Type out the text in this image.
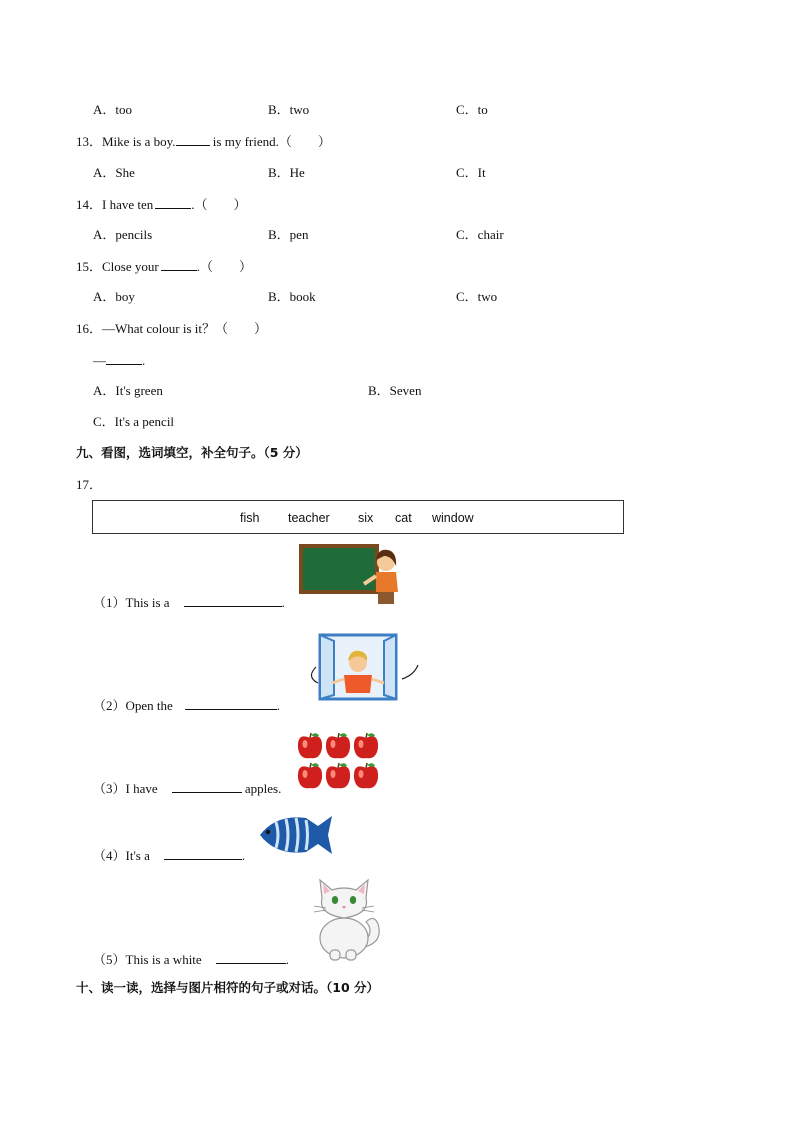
A．too	B．two	C．to
13．Mike is a boy.	is my friend.（　　）
A．She	B．He	C．It
14．I have ten	.（　　）
A．pencils	B．pen	C．chair
15．Close your	.（　　）
A．boy	B．book	C．two
16．—What colour is it？（　　）
—	.
A．It's green	B．Seven
C．It's a pencil
九、看图，选词填空，补全句子。（5 分）
17．
fish teacher six cat window
（1）This is a	.
（2）Open the	.
（3）I have	apples.
（4）It's a	.
（5）This is a white	.
十、读一读，选择与图片相符的句子或对话。（10 分）
